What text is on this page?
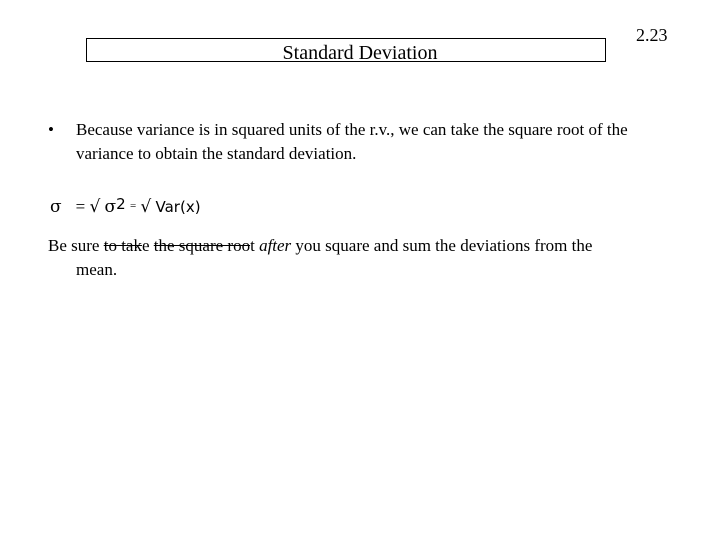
Standard Deviation
2.23
•	Because variance is in squared units of the r.v., we can take the square root of the
variance to obtain the standard deviation.
σ = √ σ2 = √ Var(x)
Be sure to take the square root after you square and sum the deviations from the
mean.
